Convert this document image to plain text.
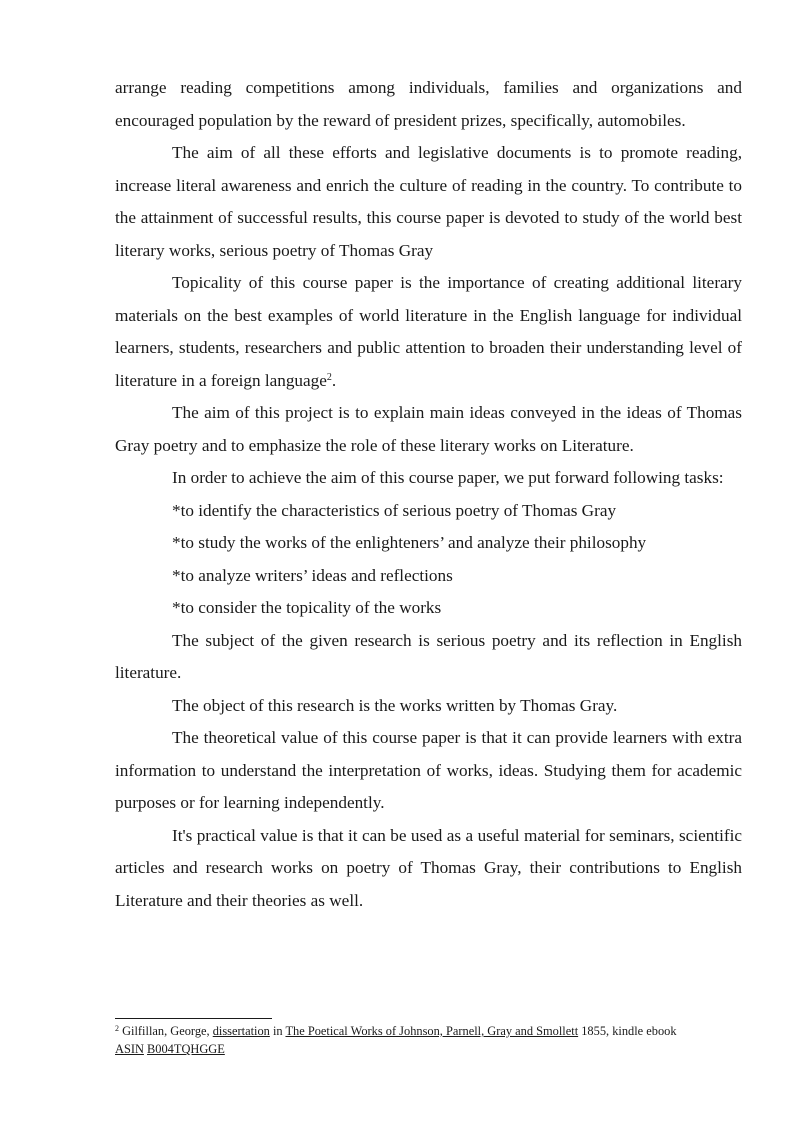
arrange reading competitions among individuals, families and organizations and encouraged population by the reward of president prizes, specifically, automobiles.

The aim of all these efforts and legislative documents is to promote reading, increase literal awareness and enrich the culture of reading in the country. To contribute to the attainment of successful results, this course paper is devoted to study of the world best literary works, serious poetry of Thomas Gray

Topicality of this course paper is the importance of creating additional literary materials on the best examples of world literature in the English language for individual learners, students, researchers and public attention to broaden their understanding level of literature in a foreign language$^2$.

The aim of this project is to explain main ideas conveyed in the ideas of Thomas Gray poetry and to emphasize the role of these literary works on Literature.

In order to achieve the aim of this course paper, we put forward following tasks:

*to identify the characteristics of serious poetry of Thomas Gray

*to study the works of the enlighteners’ and analyze their philosophy

*to analyze writers’ ideas and reflections

*to consider the topicality of the works

The subject of the given research is serious poetry and its reflection in English literature.

The object of this research is the works written by Thomas Gray.

The theoretical value of this course paper is that it can provide learners with extra information to understand the interpretation of works, ideas. Studying them for academic purposes or for learning independently.

It's practical value is that it can be used as a useful material for seminars, scientific articles and research works on poetry of Thomas Gray, their contributions to English Literature and their theories as well.

$^2$ Gilfillan, George, dissertation in The Poetical Works of Johnson, Parnell, Gray and Smollett 1855, kindle ebook
ASIN B004TQHGGE
